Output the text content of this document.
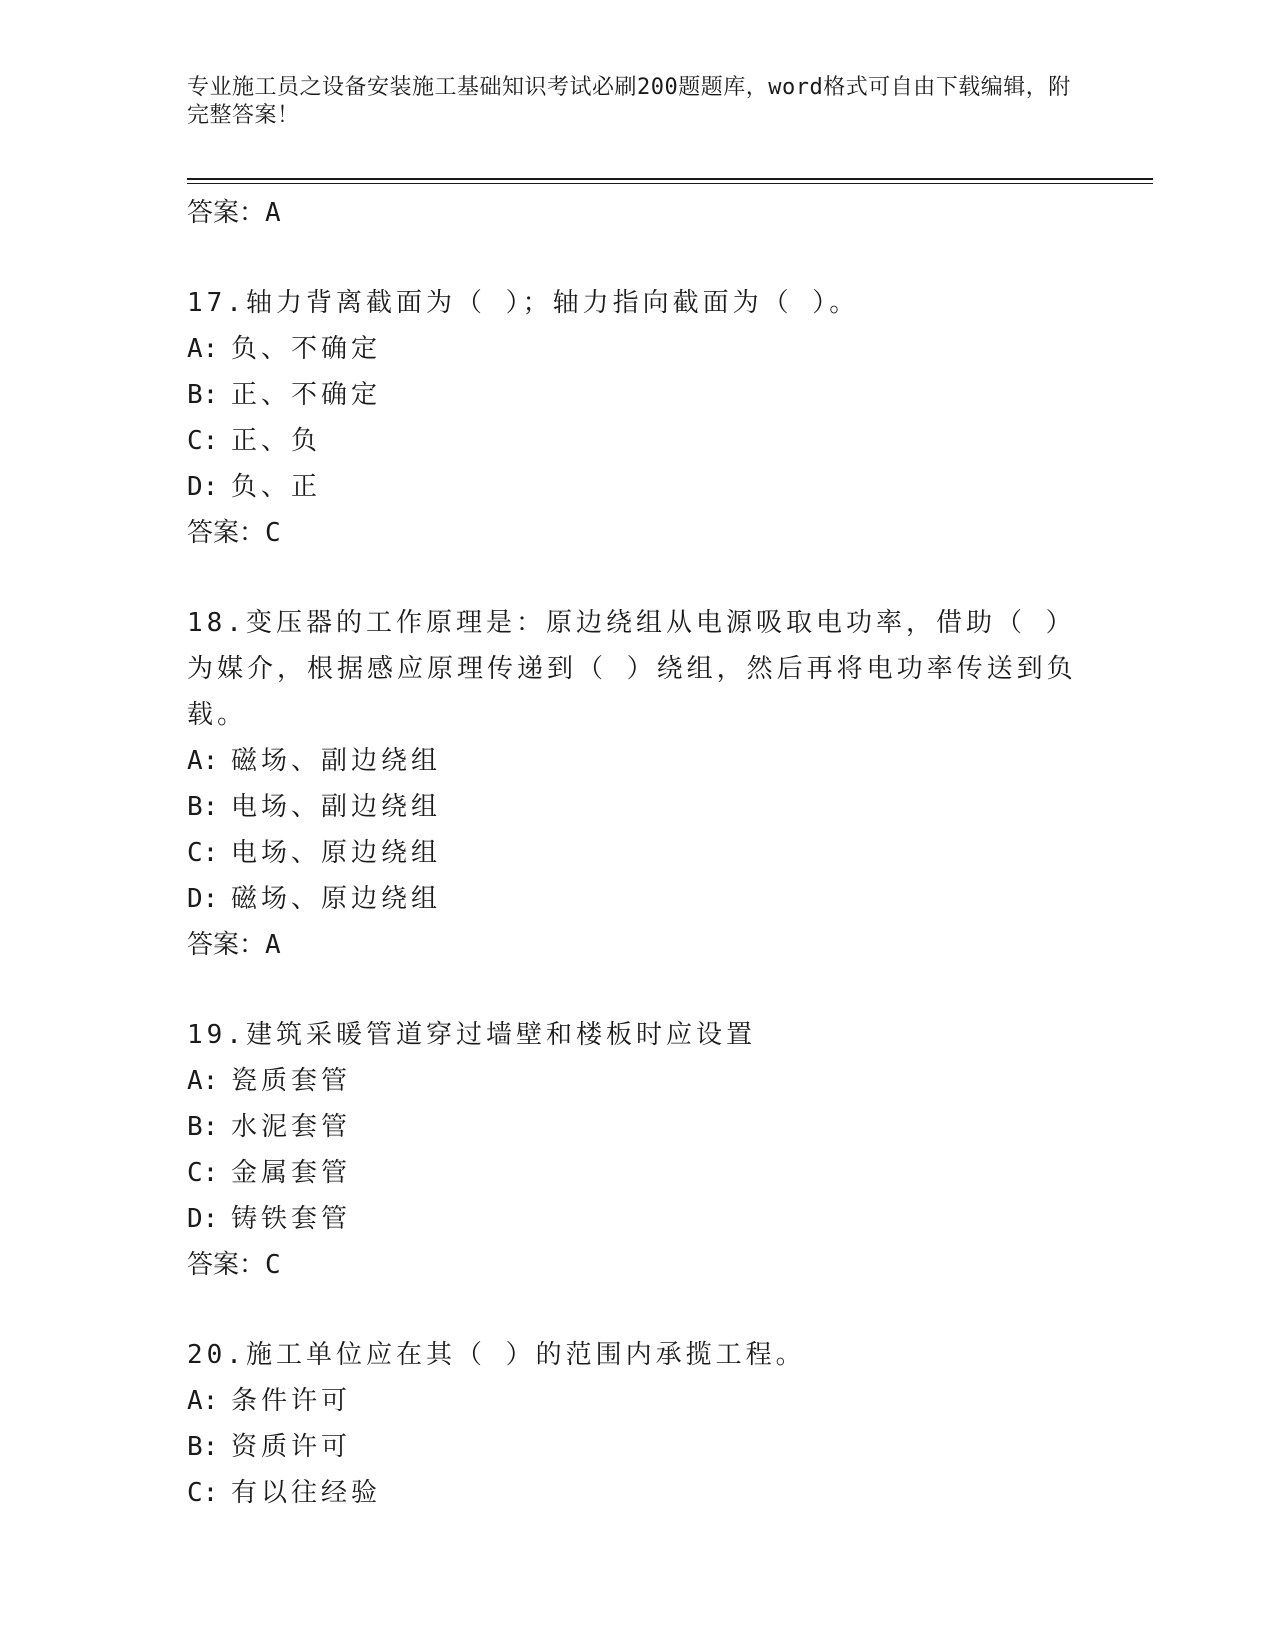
专业施工员之设备安装施工基础知识考试必刷200题题库，word格式可自由下载编辑，附完整答案！
答案：A
17.轴力背离截面为（ ）；轴力指向截面为（ ）。
A: 负、不确定
B: 正、不确定
C: 正、负
D: 负、正
答案：C
18.变压器的工作原理是：原边绕组从电源吸取电功率，借助（ ）为媒介，根据感应原理传递到（ ）绕组，然后再将电功率传送到负载。
A: 磁场、副边绕组
B: 电场、副边绕组
C: 电场、原边绕组
D: 磁场、原边绕组
答案：A
19.建筑采暖管道穿过墙壁和楼板时应设置
A: 瓷质套管
B: 水泥套管
C: 金属套管
D: 铸铁套管
答案：C
20.施工单位应在其（ ）的范围内承揽工程。
A: 条件许可
B: 资质许可
C: 有以往经验
